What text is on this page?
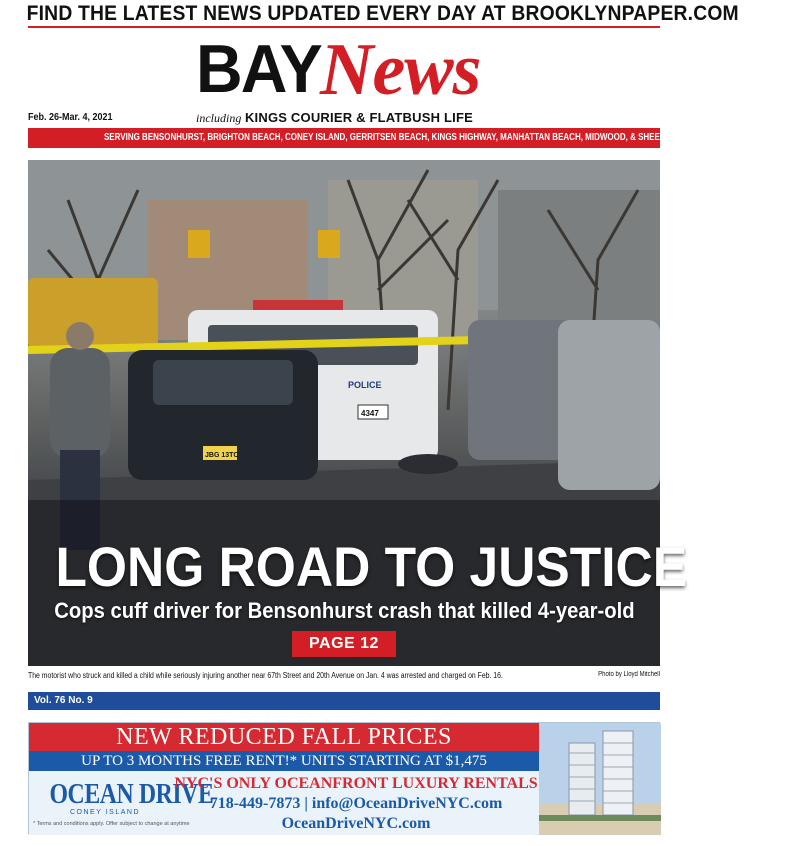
FIND THE LATEST NEWS UPDATED EVERY DAY AT BROOKLYNPAPER.COM
BAY News
Feb. 26-Mar. 4, 2021	including KINGS COURIER & FLATBUSH LIFE
SERVING BENSONHURST, BRIGHTON BEACH, CONEY ISLAND, GERRITSEN BEACH, KINGS HIGHWAY, MANHATTAN BEACH, MIDWOOD, & SHEEPSHEAD BAY
POLICE
4347
JBG 13TC
LONG ROAD TO JUSTICE
Cops cuff driver for Bensonhurst crash that killed 4-year-old
PAGE 12
The motorist who struck and killed a child while seriously injuring another near 67th Street and 20th Avenue on Jan. 4 was arrested and charged on Feb. 16.	Photo by Lloyd Mitchell
Vol. 76 No. 9
NEW REDUCED FALL PRICES
UP TO 3 MONTHS FREE RENT!* UNITS STARTING AT $1,475
OCEAN DRIVE
CONEY ISLAND
NYC'S ONLY OCEANFRONT LUXURY RENTALS
718-449-7873 | info@OceanDriveNYC.com
OceanDriveNYC.com
* Terms and conditions apply. Offer subject to change at anytime
